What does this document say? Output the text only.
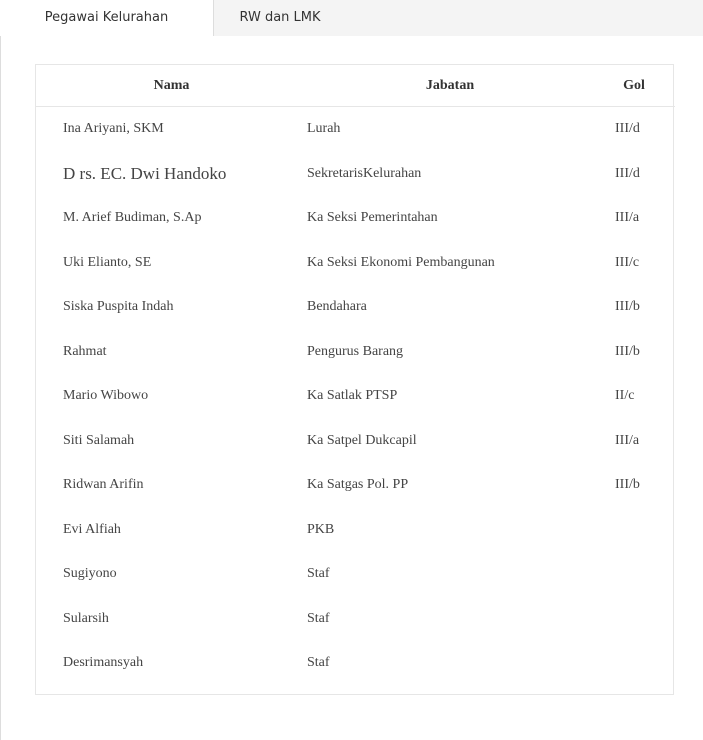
Pegawai Kelurahan	RW dan LMK
Nama	Jabatan	Gol
Ina Ariyani, SKM	Lurah	III/d
D rs. EC. Dwi Handoko	SekretarisKelurahan	III/d
M. Arief Budiman, S.Ap	Ka Seksi Pemerintahan	III/a
Uki Elianto, SE	Ka Seksi Ekonomi Pembangunan	III/c
Siska Puspita Indah	Bendahara	III/b
Rahmat	Pengurus Barang	III/b
Mario Wibowo	Ka Satlak PTSP	II/c
Siti Salamah	Ka Satpel Dukcapil	III/a
Ridwan Arifin	Ka Satgas Pol. PP	III/b
Evi Alfiah	PKB	
Sugiyono	Staf	
Sularsih	Staf	
Desrimansyah	Staf	
